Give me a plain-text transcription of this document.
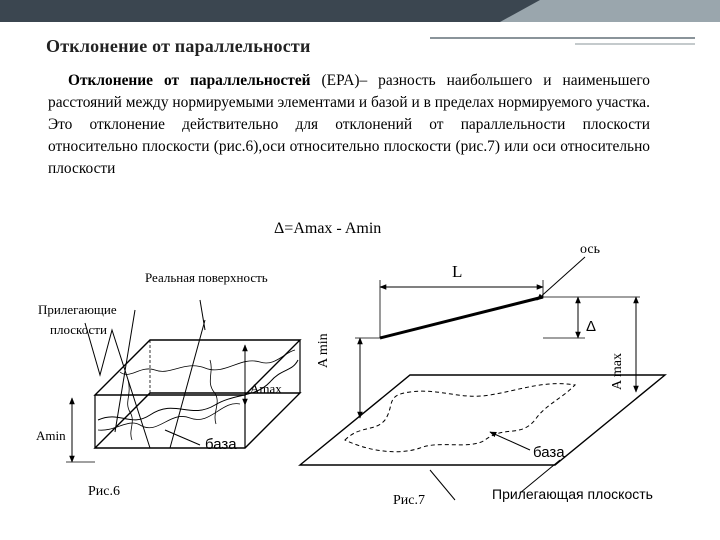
Отклонение от параллельности

Отклонение от параллельностей (EPA)– разность наибольшего и наименьшего расстояний между нормируемыми элементами и базой и в пределах нормируемого участка. Это отклонение действительно для отклонений от параллельности плоскости относительно плоскости (рис.6),оси относительно плоскости (рис.7) или оси относительно плоскости

Δ=Amax - Amin

Реальная поверхность
Прилегающие
плоскости
Amax
Amin
база
Рис.6
ось
L
Δ
A min
A max
база
Рис.7	Прилегающая плоскость
